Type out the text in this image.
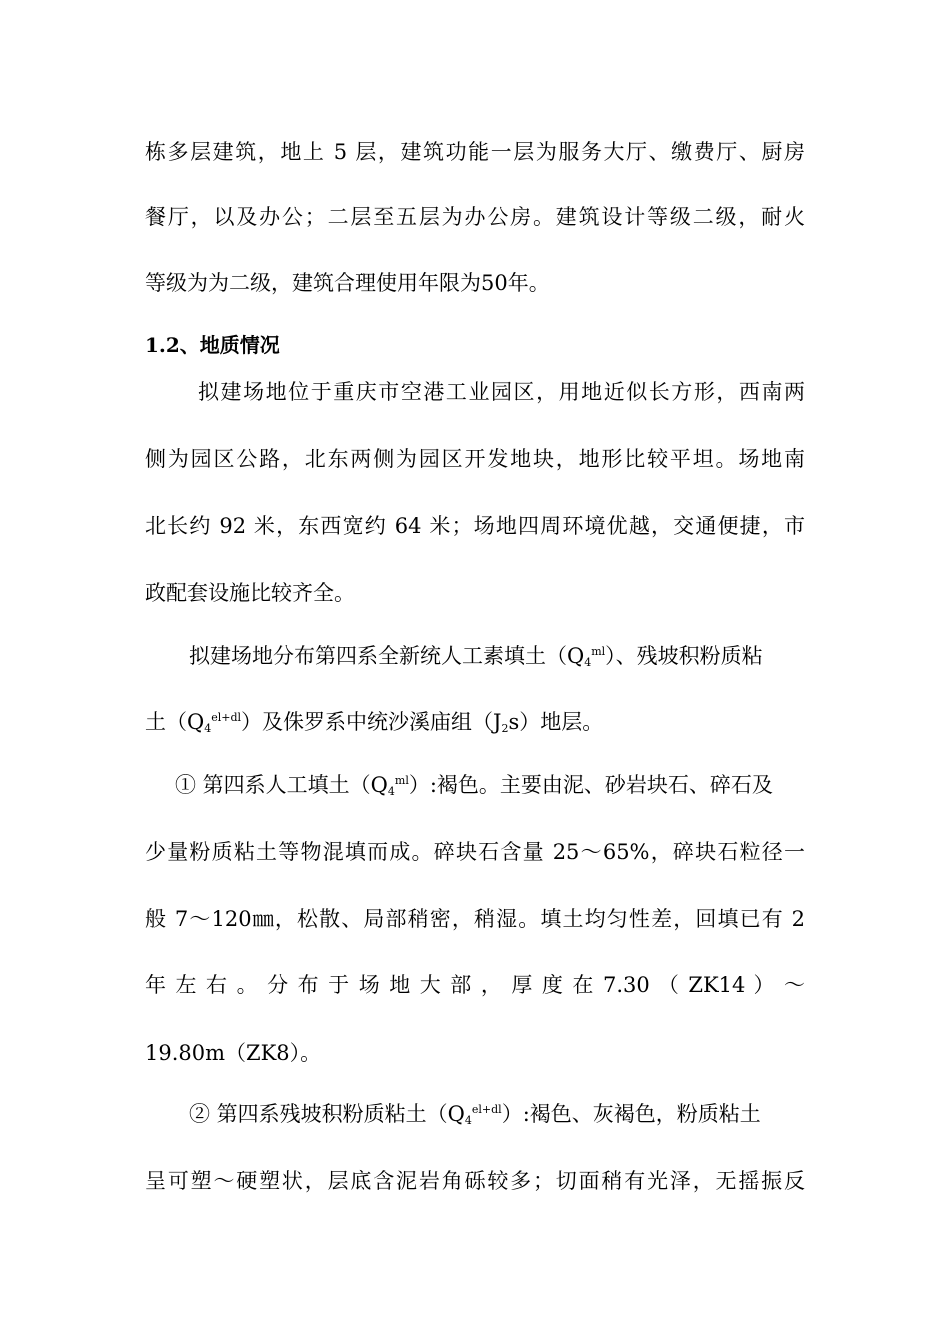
栋多层建筑，地上 5 层，建筑功能一层为服务大厅、缴费厅、厨房
餐厅，以及办公；二层至五层为办公房。建筑设计等级二级，耐火
等级为为二级，建筑合理使用年限为50年。
1.2、地质情况
拟建场地位于重庆市空港工业园区，用地近似长方形，西南两
侧为园区公路，北东两侧为园区开发地块，地形比较平坦。场地南
北长约 92 米，东西宽约 64 米；场地四周环境优越，交通便捷，市
政配套设施比较齐全。
拟建场地分布第四系全新统人工素填土$(Q_4^{ml})$、残坡积粉质粘
土$(Q_4^{el+dl})$及侏罗系中统沙溪庙组$(J_2s)$地层。
① 第四系人工填土$(Q_4^{ml})$:褐色。主要由泥、砂岩块石、碎石及
少量粉质粘土等物混填而成。碎块石含量 25～65%，碎块石粒径一
般 7～120㎜，松散、局部稍密，稍湿。填土均匀性差，回填已有 2
年 左 右 。 分 布 于 场 地 大 部 ， 厚 度 在 7.30 （ ZK14 ） ～
19.80m（ZK8）。
② 第四系残坡积粉质粘土$(Q_4^{el+dl})$:褐色、灰褐色，粉质粘土
呈可塑～硬塑状，层底含泥岩角砾较多；切面稍有光泽，无摇振反
